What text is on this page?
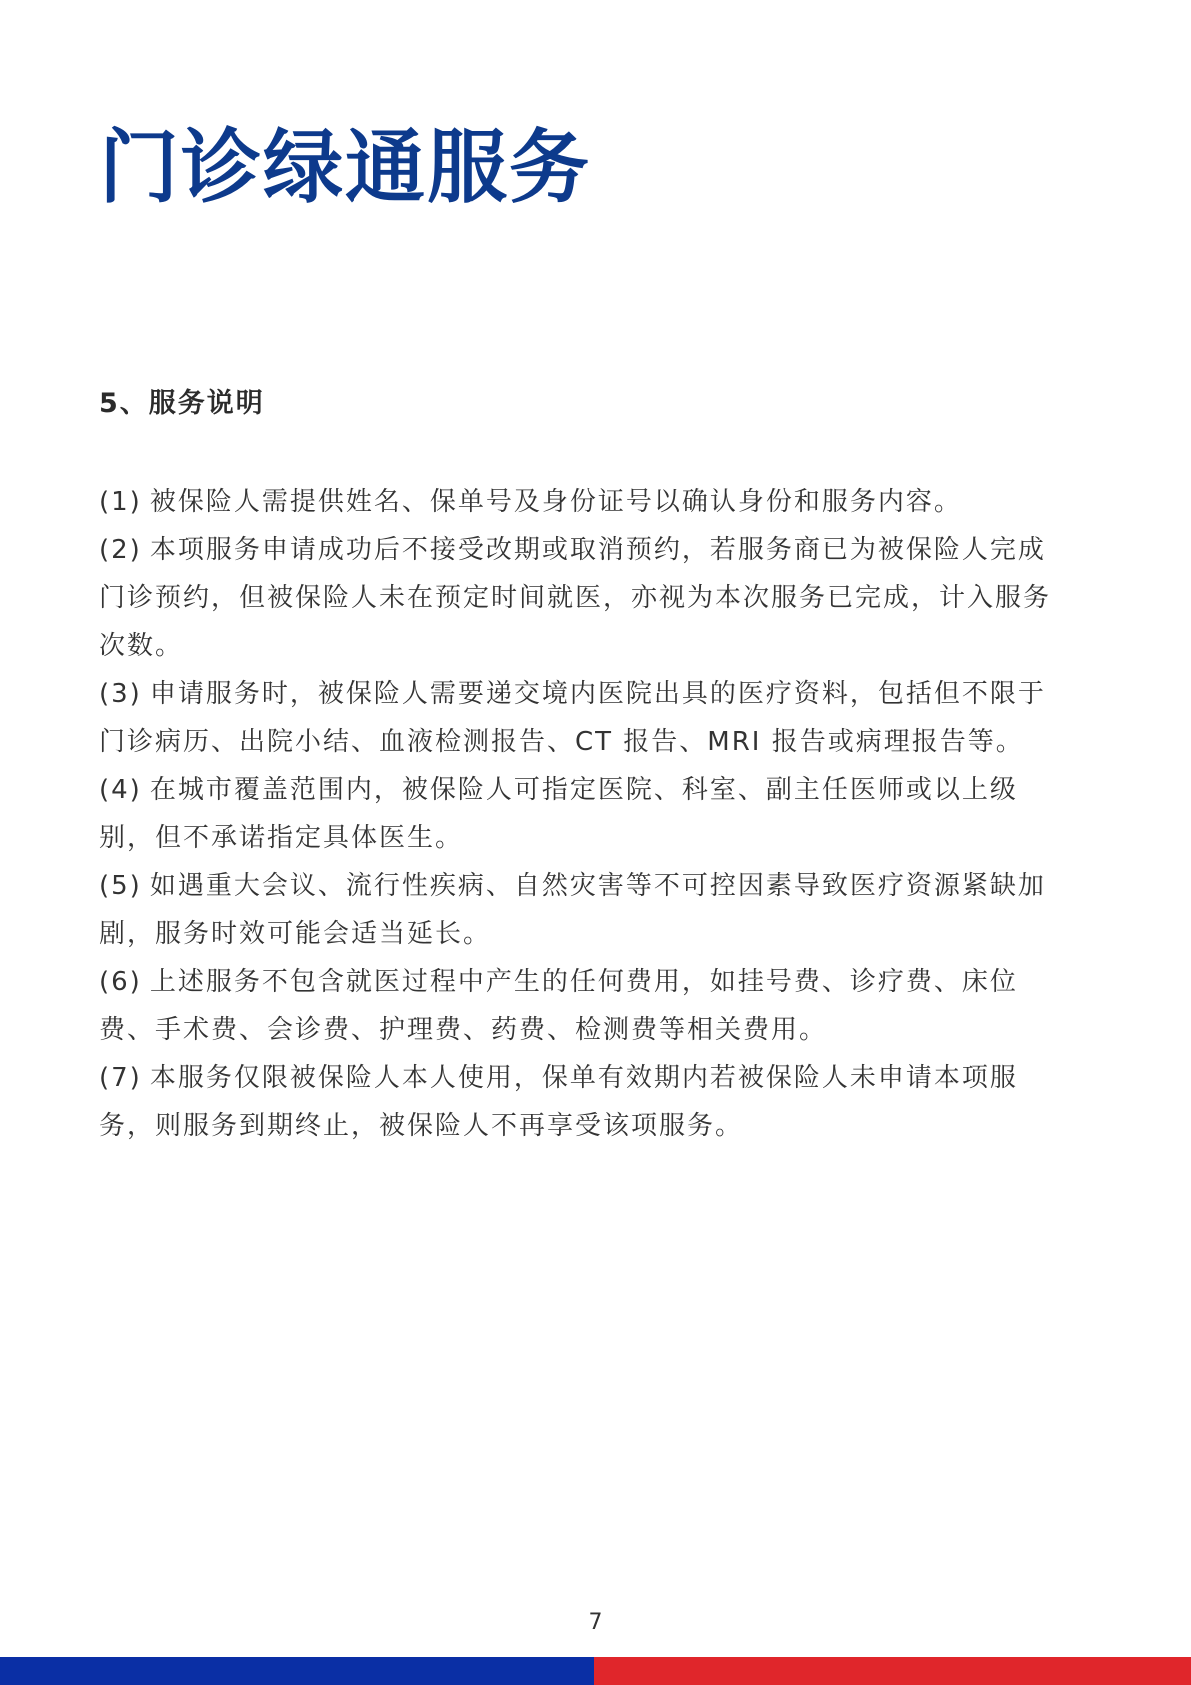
门诊绿通服务
5、服务说明
(1) 被保险人需提供姓名、保单号及身份证号以确认身份和服务内容。
(2) 本项服务申请成功后不接受改期或取消预约，若服务商已为被保险人完成门诊预约，但被保险人未在预定时间就医，亦视为本次服务已完成，计入服务次数。
(3) 申请服务时，被保险人需要递交境内医院出具的医疗资料，包括但不限于门诊病历、出院小结、血液检测报告、CT 报告、MRI 报告或病理报告等。
(4) 在城市覆盖范围内，被保险人可指定医院、科室、副主任医师或以上级别，但不承诺指定具体医生。
(5) 如遇重大会议、流行性疾病、自然灾害等不可控因素导致医疗资源紧缺加剧，服务时效可能会适当延长。
(6) 上述服务不包含就医过程中产生的任何费用，如挂号费、诊疗费、床位费、手术费、会诊费、护理费、药费、检测费等相关费用。
(7) 本服务仅限被保险人本人使用，保单有效期内若被保险人未申请本项服务，则服务到期终止，被保险人不再享受该项服务。
7
